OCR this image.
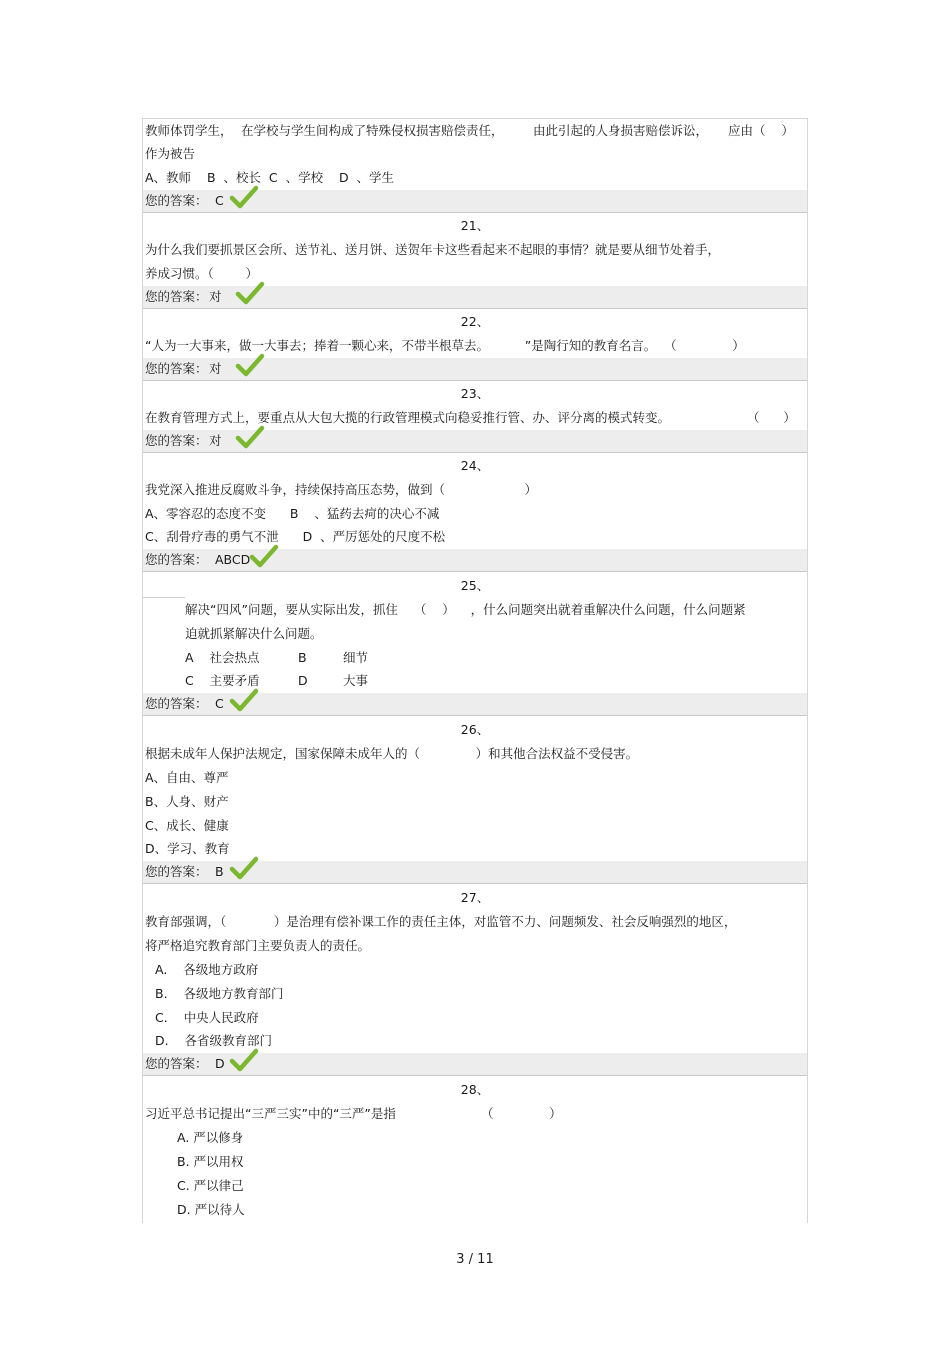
教师体罚学生， 在学校与学生间构成了特殊侵权损害赔偿责任， 由此引起的人身损害赔偿诉讼， 应由（    ）
作为被告
A、教师    B  、校长  C  、学校    D  、学生
您的答案： C
21、
为什么我们要抓景区会所、送节礼、送月饼、送贺年卡这些看起来不起眼的事情？就是要从细节处着手，
养成习惯。（        ）
您的答案： 对
22、
“人为一大事来，做一大事去；捧着一颗心来，不带半根草去。         ”是陶行知的教育名言。  （              ）
您的答案： 对
23、
在教育管理方式上，要重点从大包大揽的行政管理模式向稳妥推行管、办、评分离的模式转变。	（      ）
您的答案： 对
24、
我党深入推进反腐败斗争，持续保持高压态势，做到（                    ）
A、零容忍的态度不变      B    、猛药去疴的决心不减
C、刮骨疗毒的勇气不泄      D  、严厉惩处的尺度不松
您的答案： ABCD
25、
解决“四风”问题，要从实际出发，抓住    （    ）    ，什么问题突出就着重解决什么问题，什么问题紧
迫就抓紧解决什么问题。
A    社会热点	B	细节
C    主要矛盾	D	大事
您的答案： C
26、
根据未成年人保护法规定，国家保障未成年人的（              ）和其他合法权益不受侵害。
A、自由、尊严
B、人身、财产
C、成长、健康
D、学习、教育
您的答案： B
27、
教育部强调，（            ）是治理有偿补课工作的责任主体，对监管不力、问题频发、社会反响强烈的地区，
将严格追究教育部门主要负责人的责任。
A.    各级地方政府
B.    各级地方教育部门
C.    中央人民政府
D.    各省级教育部门
您的答案： D
28、
习近平总书记提出“三严三实”中的“三严”是指	（              ）
A. 严以修身
B. 严以用权
C. 严以律己
D. 严以待人
3 / 11
